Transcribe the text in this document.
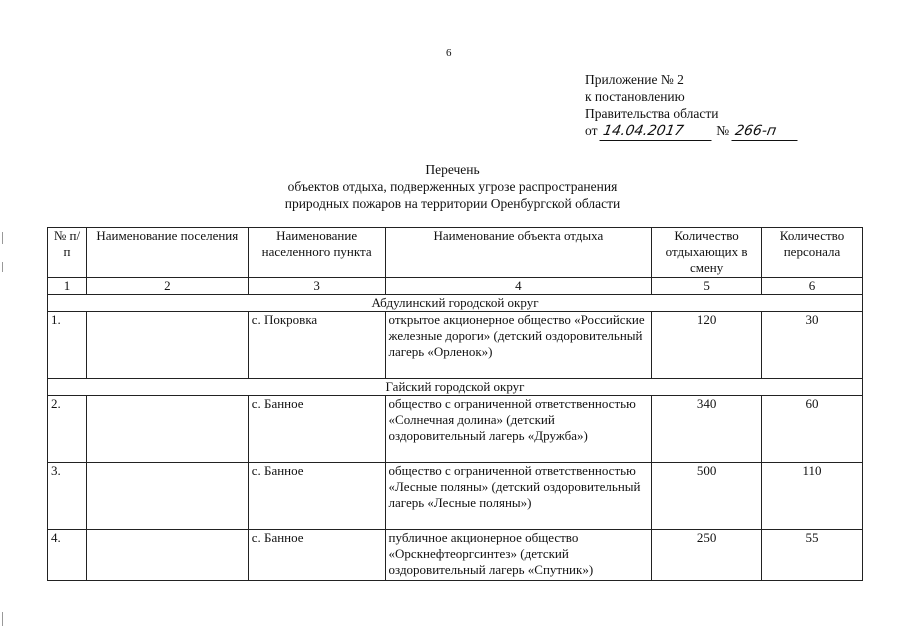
6
Приложение № 2
к постановлению
Правительства области
от 14.04.2017 № 266-п
Перечень
объектов отдыха, подверженных угрозе распространения
природных пожаров на территории Оренбургской области
№ п/п	Наименование поселения	Наименование населенного пункта	Наименование объекта отдыха	Количество отдыхающих в смену	Количество персонала
1	2	3	4	5	6
Абдулинский городской округ					
1.		с. Покровка	открытое акционерное общество «Российские железные дороги» (детский оздоровительный лагерь «Орленок»)	120	30
Гайский городской округ					
2.		с. Банное	общество с ограниченной ответственностью «Солнечная долина» (детский оздоровительный лагерь «Дружба»)	340	60
3.		с. Банное	общество с ограниченной ответственностью «Лесные поляны» (детский оздоровительный лагерь «Лесные поляны»)	500	110
4.		с. Банное	публичное акционерное общество «Орскнефтеоргсинтез» (детский оздоровительный лагерь «Спутник»)	250	55
